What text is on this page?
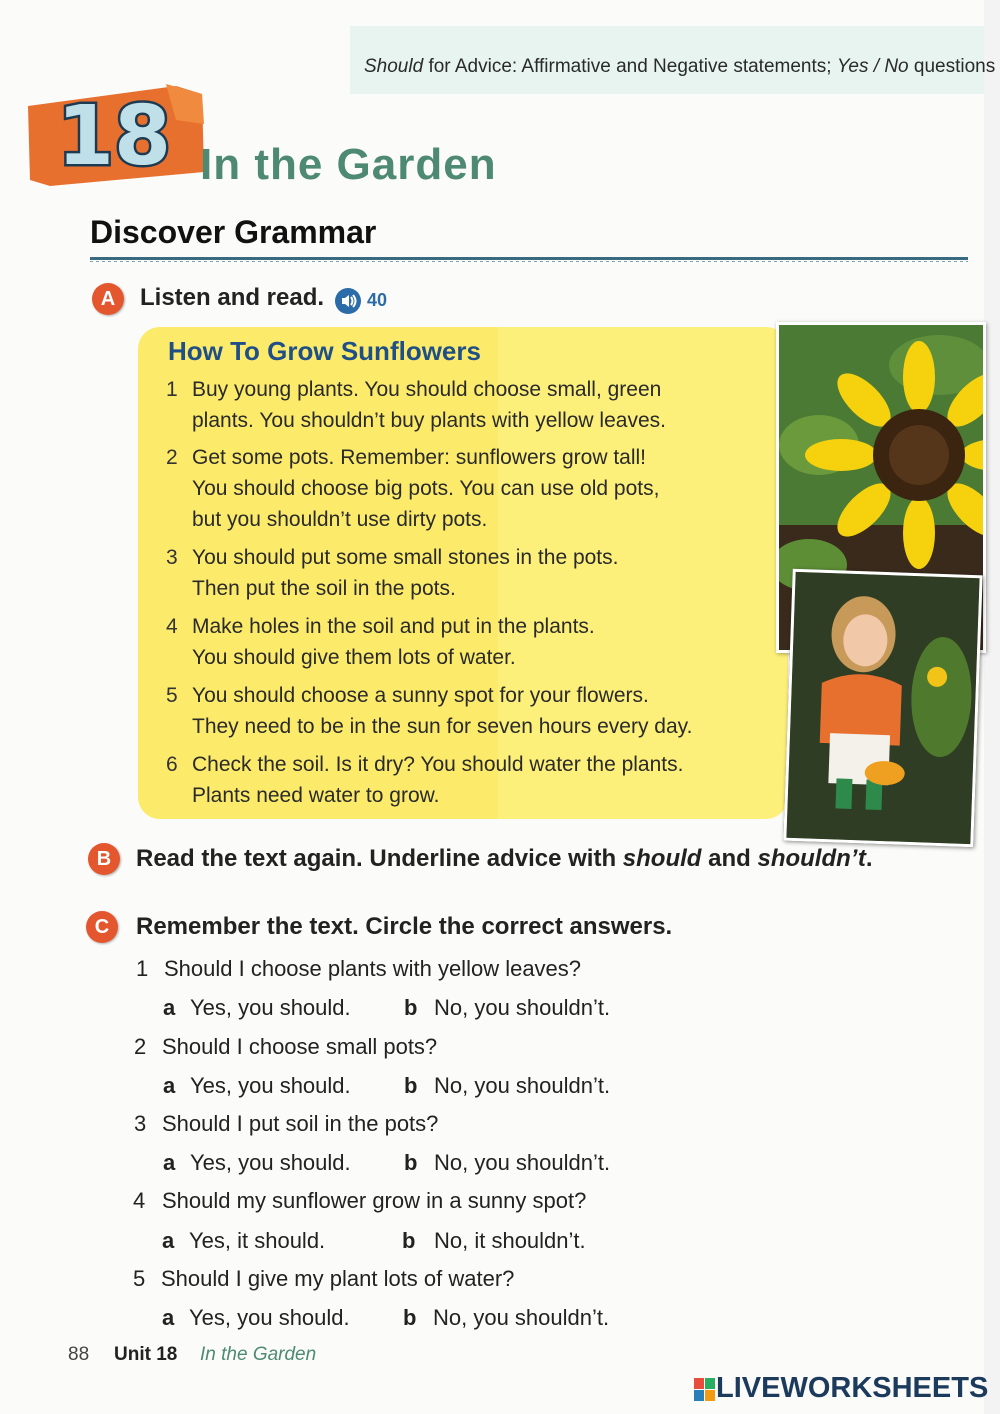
Should for Advice: Affirmative and Negative statements; Yes / No questions
18 In the Garden
Discover Grammar
A	Listen and read. 40
How To Grow Sunflowers
1 Buy young plants. You should choose small, green
plants. You shouldn’t buy plants with yellow leaves.
2 Get some pots. Remember: sunflowers grow tall!
You should choose big pots. You can use old pots,
but you shouldn’t use dirty pots.
3 You should put some small stones in the pots.
Then put the soil in the pots.
4 Make holes in the soil and put in the plants.
You should give them lots of water.
5 You should choose a sunny spot for your flowers.
They need to be in the sun for seven hours every day.
6 Check the soil. Is it dry? You should water the plants.
Plants need water to grow.
B	Read the text again. Underline advice with should and shouldn’t.
C	Remember the text. Circle the correct answers.
1 Should I choose plants with yellow leaves?
a Yes, you should. b No, you shouldn’t.
2 Should I choose small pots?
a Yes, you should. b No, you shouldn’t.
3 Should I put soil in the pots?
a Yes, you should. b No, you shouldn’t.
4 Should my sunflower grow in a sunny spot?
a Yes, it should.	b No, it shouldn’t.
5 Should I give my plant lots of water?
a Yes, you should. b No, you shouldn’t.
88 Unit 18 In the Garden
LIVEWORKSHEETS
